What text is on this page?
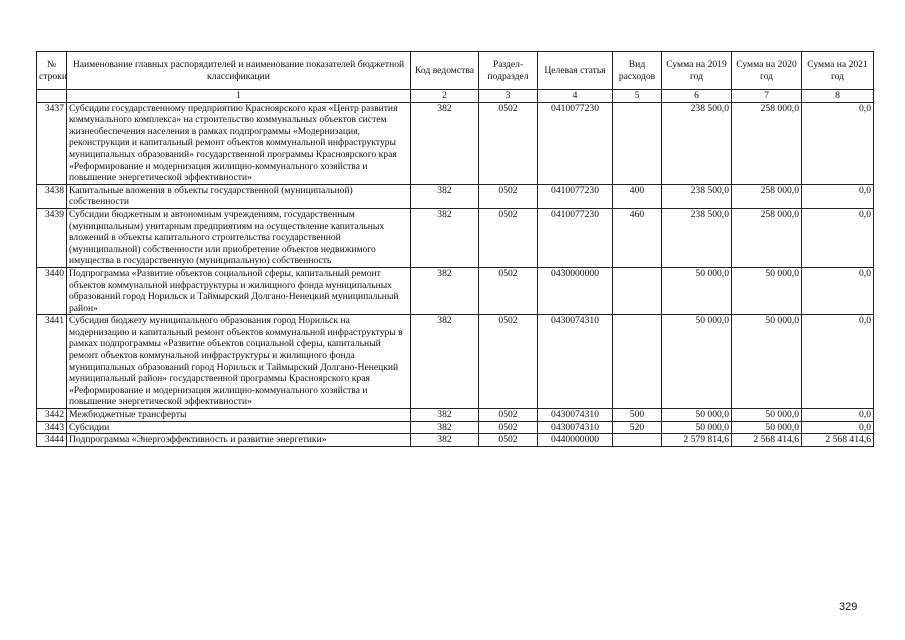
№ строки	Наименование главных распорядителей и наименование показателей бюджетной классификации	Код ведомства	Раздел-подраздел	Целевая статья	Вид расходов	Сумма на 2019 год	Сумма на 2020 год	Сумма на 2021 год
	1	2	3	4	5	6	7	8
3437	Субсидии государственному предприятию Красноярского края «Центр развития коммунального комплекса» на строительство коммунальных объектов систем жизнеобеспечения населения в рамках подпрограммы «Модернизация, реконструкция и капитальный ремонт объектов коммунальной инфраструктуры муниципальных образований» государственной программы Красноярского края «Реформирование и модернизация жилищно-коммунального хозяйства и повышение энергетической эффективности»	382	0502	0410077230		238 500,0	258 000,0	0,0
3438	Капитальные вложения в объекты государственной (муниципальной) собственности	382	0502	0410077230	400	238 500,0	258 000,0	0,0
3439	Субсидии бюджетным и автономным учреждениям, государственным (муниципальным) унитарным предприятиям на осуществление капитальных вложений в объекты капитального строительства государственной (муниципальной) собственности или приобретение объектов недвижимого имущества в государственную (муниципальную) собственность	382	0502	0410077230	460	238 500,0	258 000,0	0,0
3440	Подпрограмма «Развитие объектов социальной сферы, капитальный ремонт объектов коммунальной инфраструктуры и жилищного фонда муниципальных образований город Норильск и Таймырский Долгано-Ненецкий муниципальный район»	382	0502	0430000000		50 000,0	50 000,0	0,0
3441	Субсидия бюджету муниципального образования город Норильск на модернизацию и капитальный ремонт объектов коммунальной инфраструктуры в рамках подпрограммы «Развитие объектов социальной сферы, капитальный ремонт объектов коммунальной инфраструктуры и жилищного фонда муниципальных образований город Норильск и Таймырский Долгано-Ненецкий муниципальный район» государственной программы Красноярского края «Реформирование и модернизация жилищно-коммунального хозяйства и повышение энергетической эффективности»	382	0502	0430074310		50 000,0	50 000,0	0,0
3442	Межбюджетные трансферты	382	0502	0430074310	500	50 000,0	50 000,0	0,0
3443	Субсидии	382	0502	0430074310	520	50 000,0	50 000,0	0,0
3444	Подпрограмма «Энергоэффективность и развитие энергетики»	382	0502	0440000000		2 579 814,6	2 568 414,6	2 568 414,6
329
